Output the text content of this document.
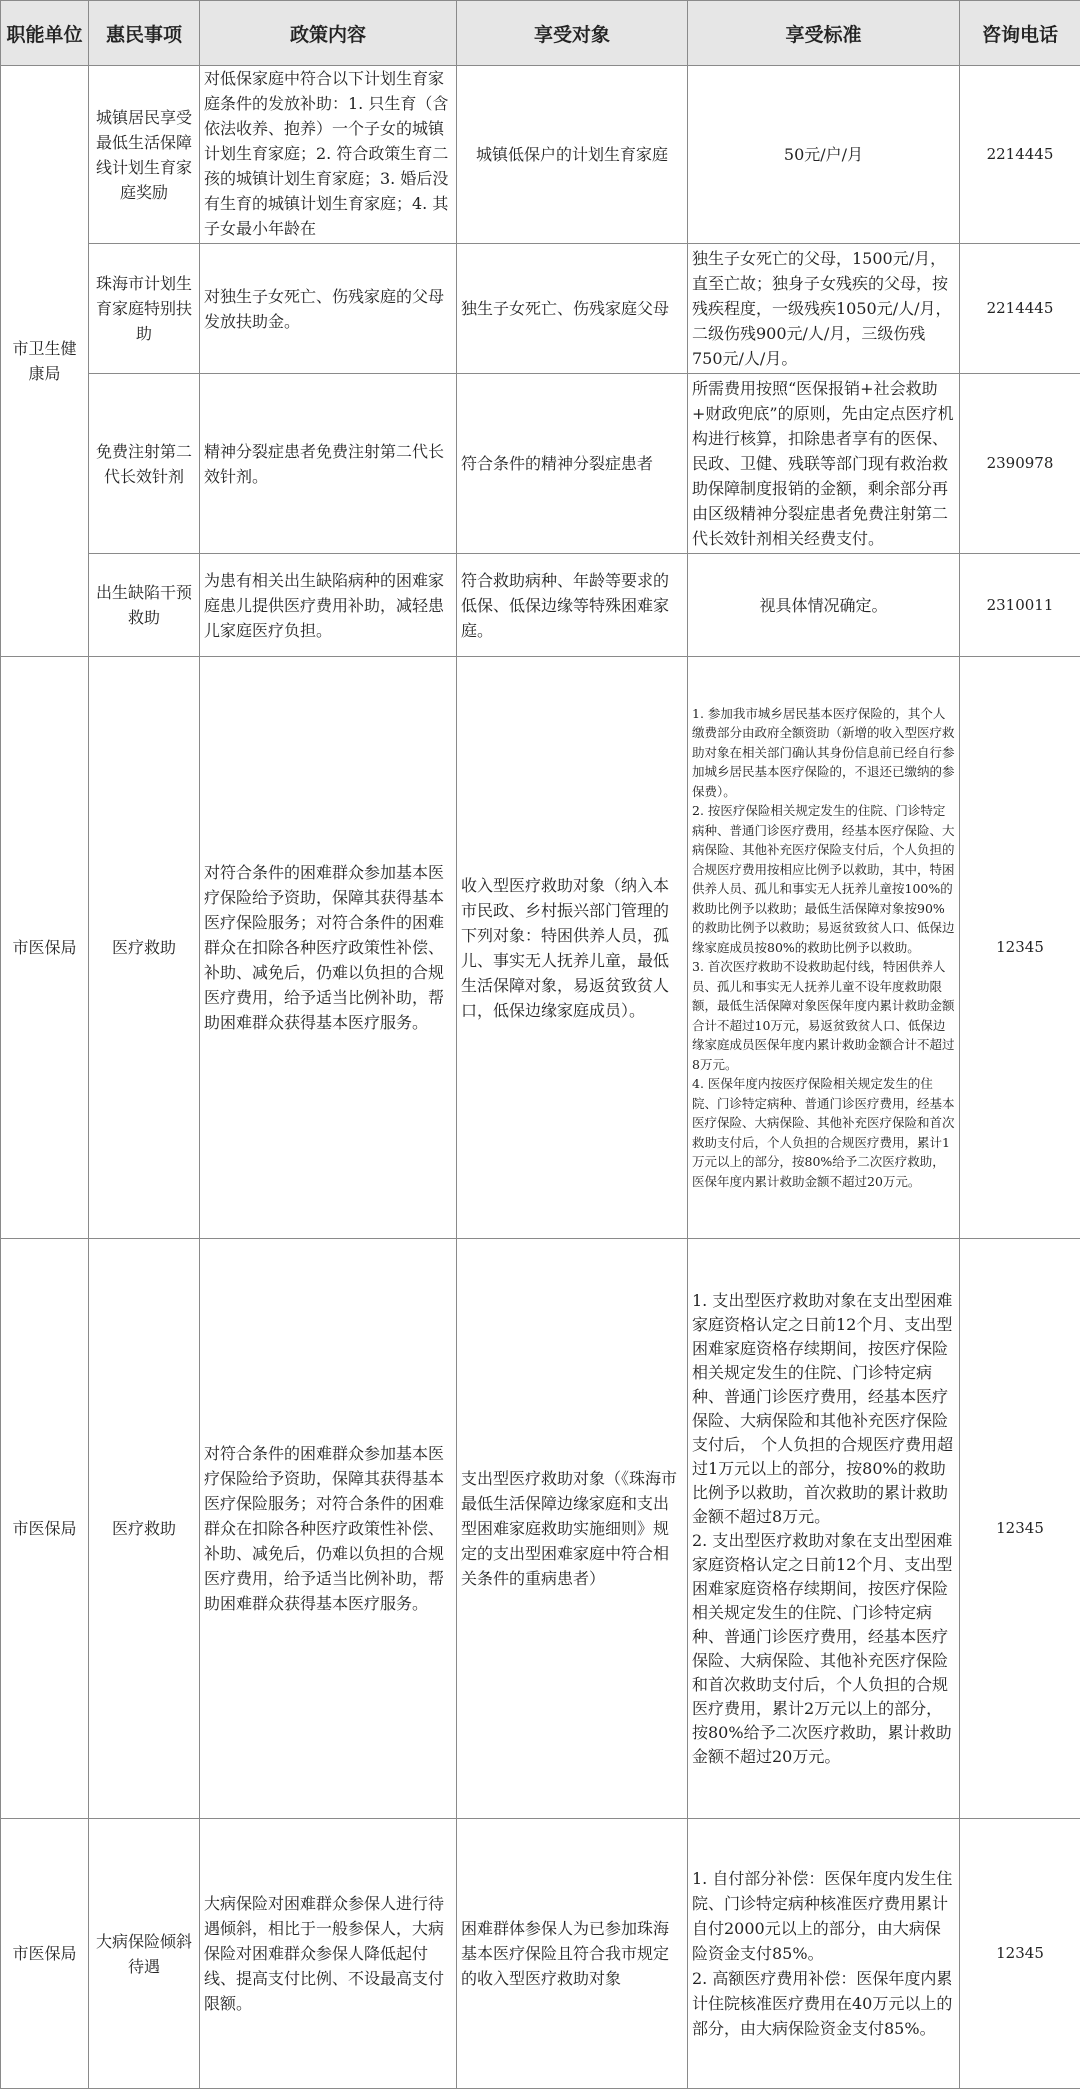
职能单位	惠民事项	政策内容	享受对象	享受标准	咨询电话
市卫生健康局	城镇居民享受最低生活保障线计划生育家庭奖励	对低保家庭中符合以下计划生育家庭条件的发放补助：1. 只生育（含依法收养、抱养）一个子女的城镇计划生育家庭；2. 符合政策生育二孩的城镇计划生育家庭；3. 婚后没有生育的城镇计划生育家庭；4. 其子女最小年龄在	城镇低保户的计划生育家庭	50元/户/月	2214445
	珠海市计划生育家庭特别扶助	对独生子女死亡、伤残家庭的父母发放扶助金。	独生子女死亡、伤残家庭父母	独生子女死亡的父母，1500元/月，直至亡故；独身子女残疾的父母，按残疾程度，一级残疾1050元/人/月，二级伤残900元/人/月，三级伤残750元/人/月。	2214445
	免费注射第二代长效针剂	精神分裂症患者免费注射第二代长效针剂。	符合条件的精神分裂症患者	所需费用按照“医保报销+社会救助+财政兜底”的原则，先由定点医疗机构进行核算，扣除患者享有的医保、民政、卫健、残联等部门现有救治救助保障制度报销的金额，剩余部分再由区级精神分裂症患者免费注射第二代长效针剂相关经费支付。	2390978
	出生缺陷干预救助	为患有相关出生缺陷病种的困难家庭患儿提供医疗费用补助，减轻患儿家庭医疗负担。	符合救助病种、年龄等要求的低保、低保边缘等特殊困难家庭。	视具体情况确定。	2310011
市医保局	医疗救助	对符合条件的困难群众参加基本医疗保险给予资助，保障其获得基本医疗保险服务；对符合条件的困难群众在扣除各种医疗政策性补偿、补助、减免后，仍难以负担的合规医疗费用，给予适当比例补助，帮助困难群众获得基本医疗服务。	收入型医疗救助对象（纳入本市民政、乡村振兴部门管理的下列对象：特困供养人员，孤儿、事实无人抚养儿童，最低生活保障对象，易返贫致贫人口，低保边缘家庭成员）。	1. 参加我市城乡居民基本医疗保险的，其个人缴费部分由政府全额资助（新增的收入型医疗救助对象在相关部门确认其身份信息前已经自行参加城乡居民基本医疗保险的，不退还已缴纳的参保费）。
2. 按医疗保险相关规定发生的住院、门诊特定病种、普通门诊医疗费用，经基本医疗保险、大病保险、其他补充医疗保险支付后，个人负担的合规医疗费用按相应比例予以救助，其中，特困供养人员、孤儿和事实无人抚养儿童按100%的救助比例予以救助；最低生活保障对象按90%的救助比例予以救助；易返贫致贫人口、低保边缘家庭成员按80%的救助比例予以救助。
3. 首次医疗救助不设救助起付线，特困供养人员、孤儿和事实无人抚养儿童不设年度救助限额，最低生活保障对象医保年度内累计救助金额合计不超过10万元，易返贫致贫人口、低保边缘家庭成员医保年度内累计救助金额合计不超过8万元。
4. 医保年度内按医疗保险相关规定发生的住院、门诊特定病种、普通门诊医疗费用，经基本医疗保险、大病保险、其他补充医疗保险和首次救助支付后，个人负担的合规医疗费用，累计1万元以上的部分，按80%给予二次医疗救助，医保年度内累计救助金额不超过20万元。	12345
市医保局	医疗救助	对符合条件的困难群众参加基本医疗保险给予资助，保障其获得基本医疗保险服务；对符合条件的困难群众在扣除各种医疗政策性补偿、补助、减免后，仍难以负担的合规医疗费用，给予适当比例补助，帮助困难群众获得基本医疗服务。	支出型医疗救助对象（《珠海市最低生活保障边缘家庭和支出型困难家庭救助实施细则》规定的支出型困难家庭中符合相关条件的重病患者）	1. 支出型医疗救助对象在支出型困难家庭资格认定之日前12个月、支出型困难家庭资格存续期间，按医疗保险相关规定发生的住院、门诊特定病种、普通门诊医疗费用，经基本医疗保险、大病保险和其他补充医疗保险支付后， 个人负担的合规医疗费用超过1万元以上的部分，按80%的救助比例予以救助，首次救助的累计救助金额不超过8万元。
2. 支出型医疗救助对象在支出型困难家庭资格认定之日前12个月、支出型困难家庭资格存续期间，按医疗保险相关规定发生的住院、门诊特定病种、普通门诊医疗费用，经基本医疗保险、大病保险、其他补充医疗保险和首次救助支付后，个人负担的合规医疗费用，累计2万元以上的部分，按80%给予二次医疗救助，累计救助金额不超过20万元。	12345
市医保局	大病保险倾斜待遇	大病保险对困难群众参保人进行待遇倾斜，相比于一般参保人，大病保险对困难群众参保人降低起付线、提高支付比例、不设最高支付限额。	困难群体参保人为已参加珠海基本医疗保险且符合我市规定的收入型医疗救助对象	1. 自付部分补偿：医保年度内发生住院、门诊特定病种核准医疗费用累计自付2000元以上的部分，由大病保险资金支付85%。
2. 高额医疗费用补偿：医保年度内累计住院核准医疗费用在40万元以上的部分，由大病保险资金支付85%。	12345
